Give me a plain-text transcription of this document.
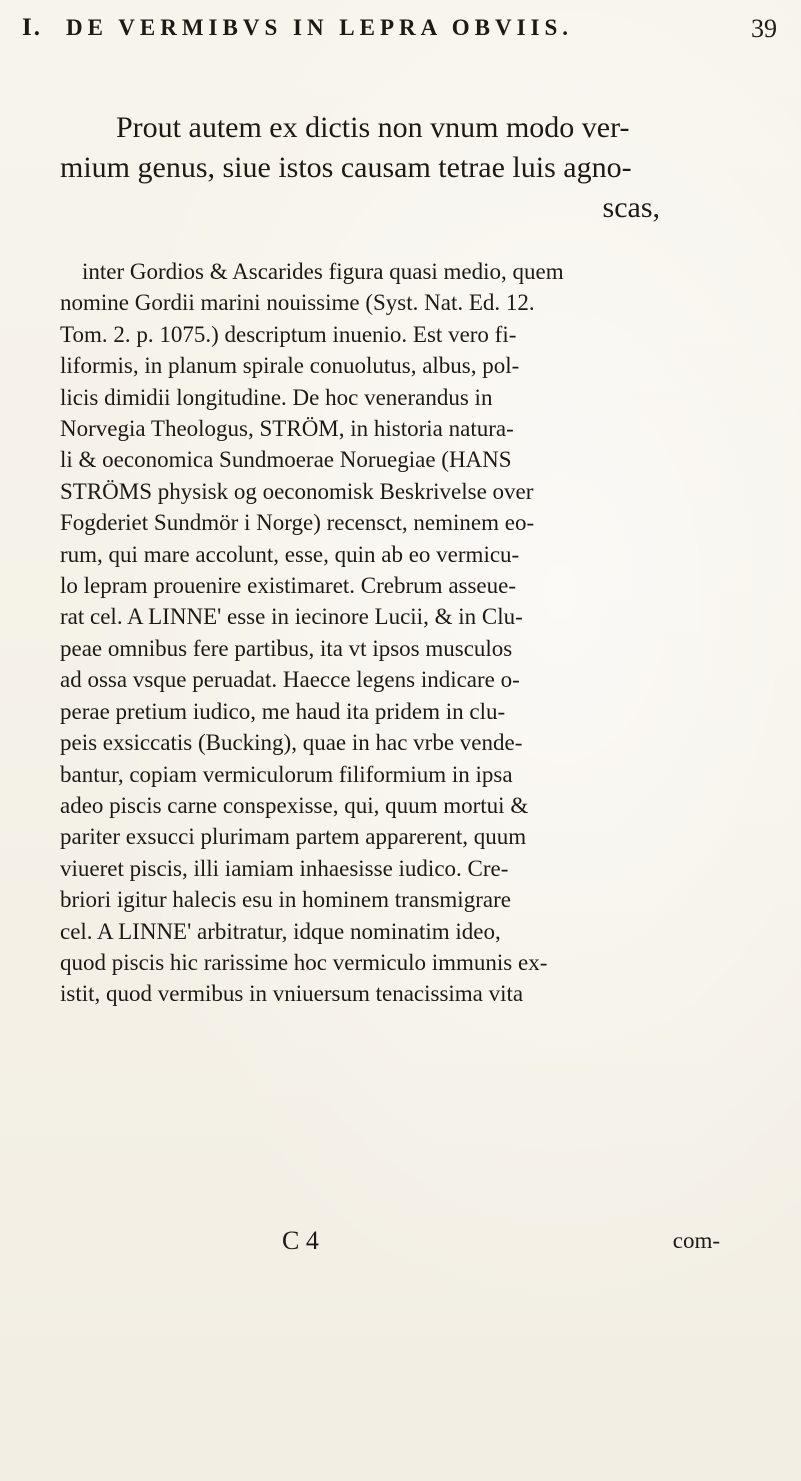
I. DE VERMIBVS IN LEPRA OBVIIS.	39

Prout autem ex dictis non vnum modo ver-

mium genus, siue istos causam tetrae luis agno-

scas,

inter Gordios & Ascarides figura quasi medio, quem

nomine Gordii marini nouissime (Syst. Nat. Ed. 12.

Tom. 2. p. 1075.) descriptum inuenio. Est vero fi-

liformis, in planum spirale conuolutus, albus, pol-

licis dimidii longitudine. De hoc venerandus in

Norvegia Theologus, STRÖM, in historia natura-

li & oeconomica Sundmoerae Noruegiae (HANS

STRÖMS physisk og oeconomisk Beskrivelse over

Fogderiet Sundmör i Norge) recensct, neminem eo-

rum, qui mare accolunt, esse, quin ab eo vermicu-

lo lepram prouenire existimaret. Crebrum asseue-

rat cel. A LINNE' esse in iecinore Lucii, & in Clu-

peae omnibus fere partibus, ita vt ipsos musculos

ad ossa vsque peruadat. Haecce legens indicare o-

perae pretium iudico, me haud ita pridem in clu-

peis exsiccatis (Bucking), quae in hac vrbe vende-

bantur, copiam vermiculorum filiformium in ipsa

adeo piscis carne conspexisse, qui, quum mortui &

pariter exsucci plurimam partem apparerent, quum

viueret piscis, illi iamiam inhaesisse iudico. Cre-

briori igitur halecis esu in hominem transmigrare

cel. A LINNE' arbitratur, idque nominatim ideo,

quod piscis hic rarissime hoc vermiculo immunis ex-

istit, quod vermibus in vniuersum tenacissima vita

C 4	com-
